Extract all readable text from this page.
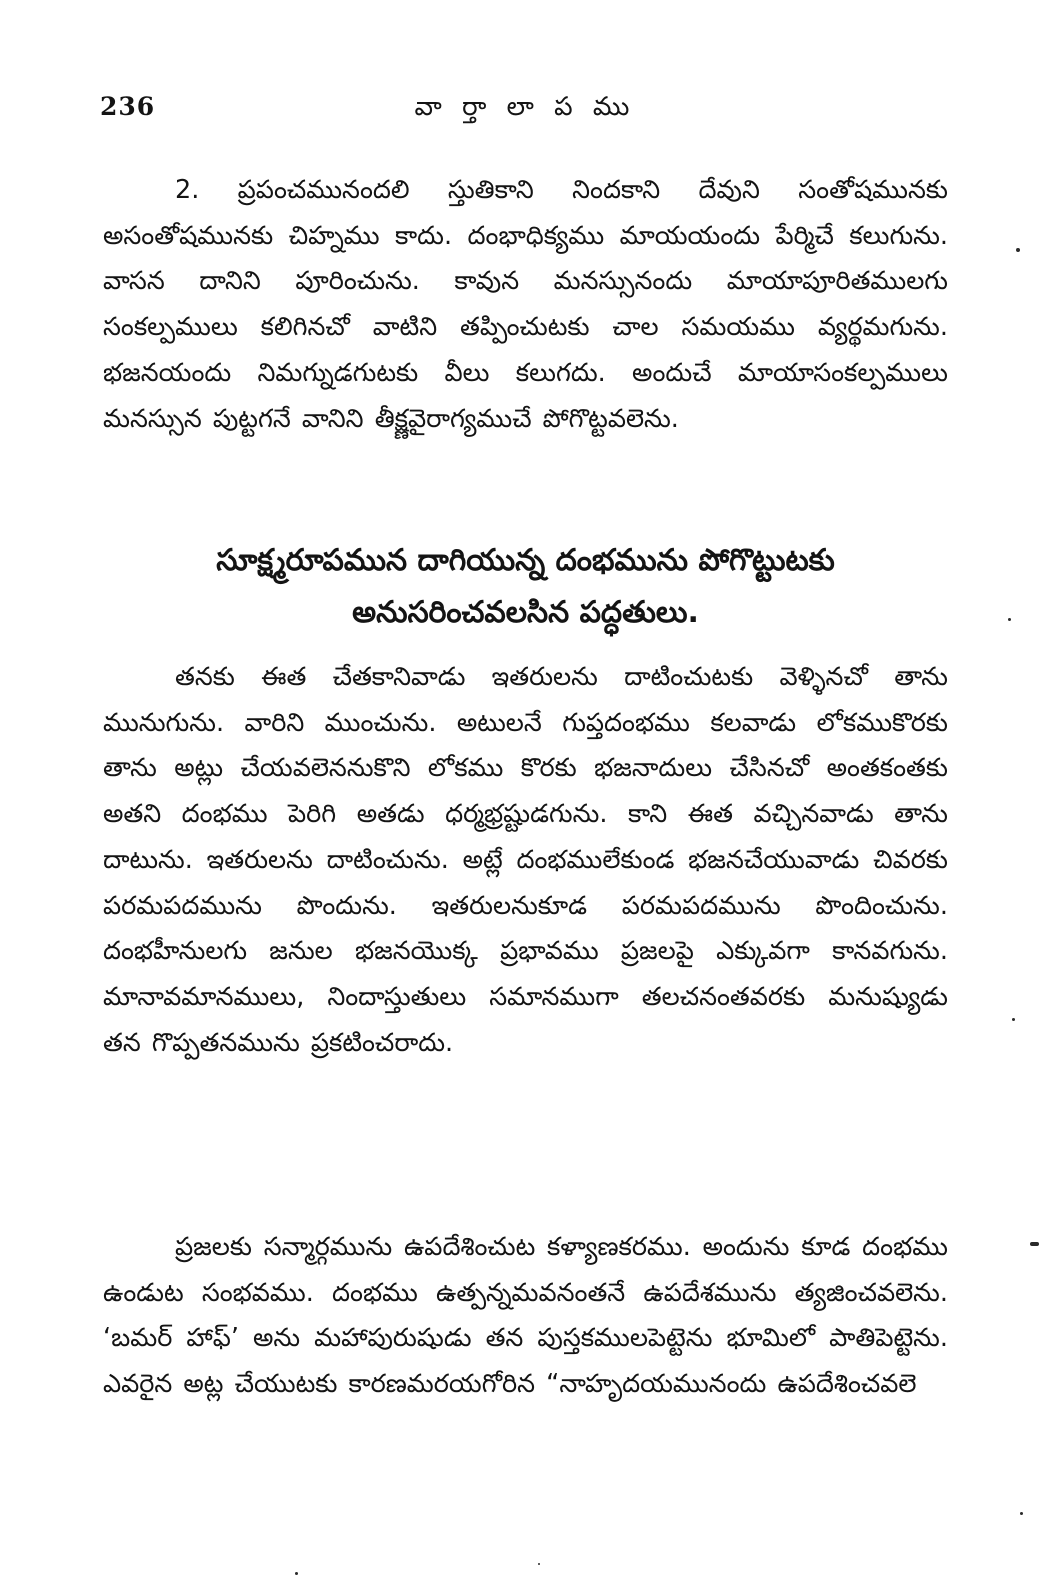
236	వా ర్తా లా ప ము

2. ప్రపంచమునందలి స్తుతికాని నిందకాని దేవుని సంతోషమునకు అసంతోషమునకు చిహ్నము కాదు. దంభాధిక్యము మాయయందు పేర్మిచే కలుగును. వాసన దానిని పూరించును. కావున మనస్సునందు మాయాపూరితములగు సంకల్పములు కలిగినచో వాటిని తప్పించుటకు చాల సమయము వ్యర్థమగును. భజనయందు నిమగ్నుడగుటకు వీలు కలుగదు. అందుచే మాయాసంకల్పములు మనస్సున పుట్టగనే వానిని తీక్ష్ణవైరాగ్యముచే పోగొట్టవలెను.

సూక్ష్మరూపమున దాగియున్న దంభమును పోగొట్టుటకు
అనుసరించవలసిన పద్ధతులు.

తనకు ఈత చేతకానివాడు ఇతరులను దాటించుటకు వెళ్ళినచో తాను మునుగును. వారిని ముంచును. అటులనే గుప్తదంభము కలవాడు లోకముకొరకు తాను అట్లు చేయవలెననుకొని లోకము కొరకు భజనాదులు చేసినచో అంతకంతకు అతని దంభము పెరిగి అతడు ధర్మభ్రష్టుడగును. కాని ఈత వచ్చినవాడు తాను దాటును. ఇతరులను దాటించును. అట్లే దంభములేకుండ భజనచేయువాడు చివరకు పరమపదమును పొందును. ఇతరులనుకూడ పరమపదమును పొందించును. దంభహీనులగు జనుల భజనయొక్క ప్రభావము ప్రజలపై ఎక్కువగా కానవగును. మానావమానములు, నిందాస్తుతులు సమానముగా తలచనంతవరకు మనుష్యుడు తన గొప్పతనమును ప్రకటించరాదు.

ప్రజలకు సన్మార్గమును ఉపదేశించుట కళ్యాణకరము. అందును కూడ దంభము ఉండుట సంభవము. దంభము ఉత్పన్నమవనంతనే ఉపదేశమును త్యజించవలెను. ‘బమర్ హాఫ్’ అను మహాపురుషుడు తన పుస్తకములపెట్టెను భూమిలో పాతిపెట్టెను. ఎవరైన అట్ల చేయుటకు కారణమరయగోరిన “నాహృదయమునందు ఉపదేశించవలె
